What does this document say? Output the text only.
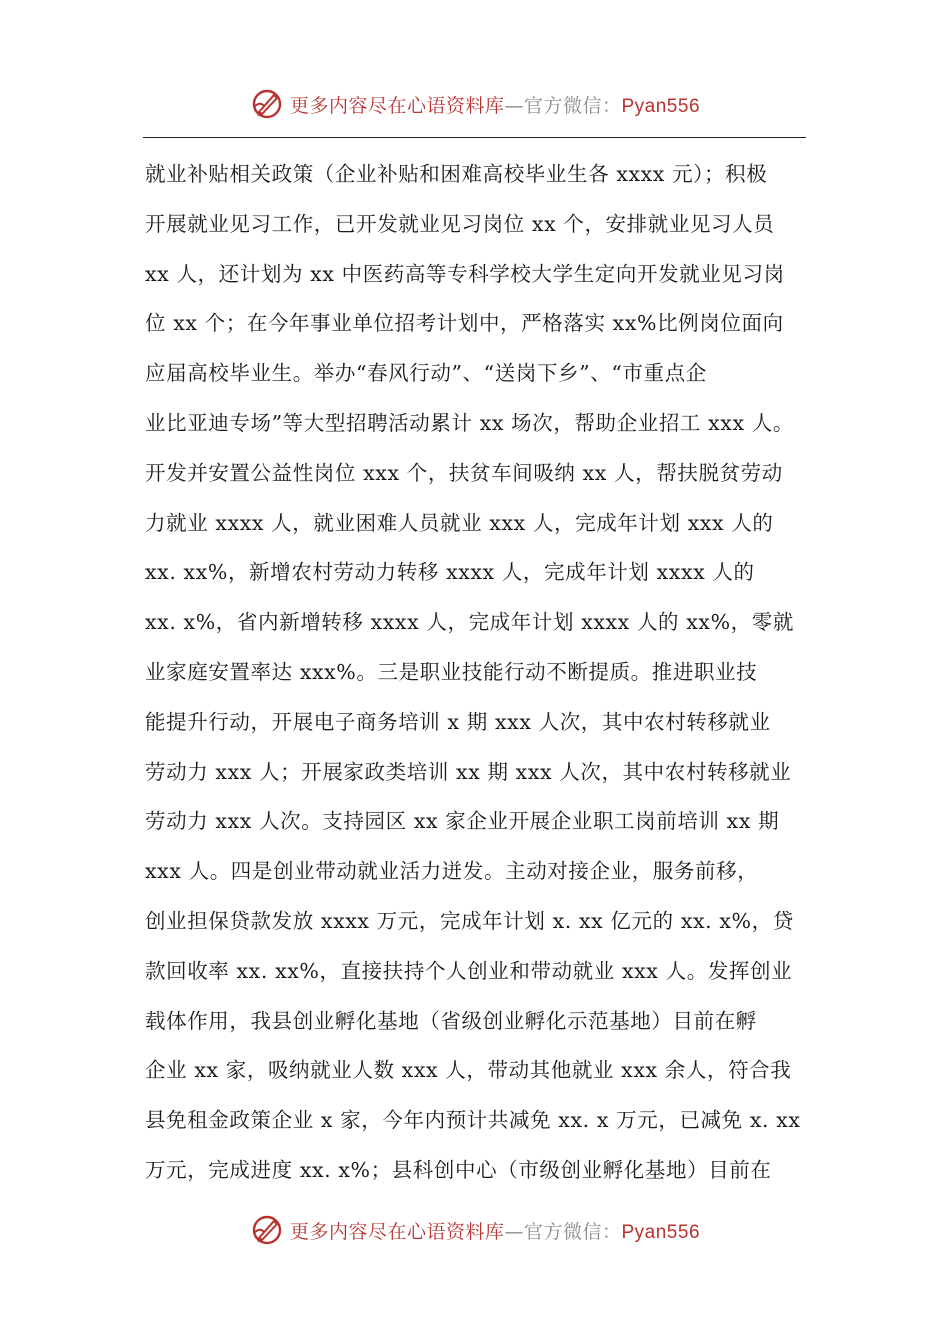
更多内容尽在心语资料库—官方微信：Pyan556
就业补贴相关政策（企业补贴和困难高校毕业生各 xxxx 元）；积极
开展就业见习工作，已开发就业见习岗位 xx 个，安排就业见习人员
xx 人，还计划为 xx 中医药高等专科学校大学生定向开发就业见习岗
位 xx 个；在今年事业单位招考计划中，严格落实 xx%比例岗位面向
应届高校毕业生。举办“春风行动”、“送岗下乡”、“市重点企
业比亚迪专场”等大型招聘活动累计 xx 场次，帮助企业招工 xxx 人。
开发并安置公益性岗位 xxx 个，扶贫车间吸纳 xx 人，帮扶脱贫劳动
力就业 xxxx 人，就业困难人员就业 xxx 人，完成年计划 xxx 人的
xx. xx%，新增农村劳动力转移 xxxx 人，完成年计划 xxxx 人的
xx. x%，省内新增转移 xxxx 人，完成年计划 xxxx 人的 xx%，零就
业家庭安置率达 xxx%。三是职业技能行动不断提质。推进职业技
能提升行动，开展电子商务培训 x 期 xxx 人次，其中农村转移就业
劳动力 xxx 人；开展家政类培训 xx 期 xxx 人次，其中农村转移就业
劳动力 xxx 人次。支持园区 xx 家企业开展企业职工岗前培训 xx 期
xxx 人。四是创业带动就业活力迸发。主动对接企业，服务前移，
创业担保贷款发放 xxxx 万元，完成年计划 x. xx 亿元的 xx. x%，贷
款回收率 xx. xx%，直接扶持个人创业和带动就业 xxx 人。发挥创业
载体作用，我县创业孵化基地（省级创业孵化示范基地）目前在孵
企业 xx 家，吸纳就业人数 xxx 人，带动其他就业 xxx 余人，符合我
县免租金政策企业 x 家，今年内预计共减免 xx. x 万元，已减免 x. xx
万元，完成进度 xx. x%；县科创中心（市级创业孵化基地）目前在
更多内容尽在心语资料库—官方微信：Pyan556
